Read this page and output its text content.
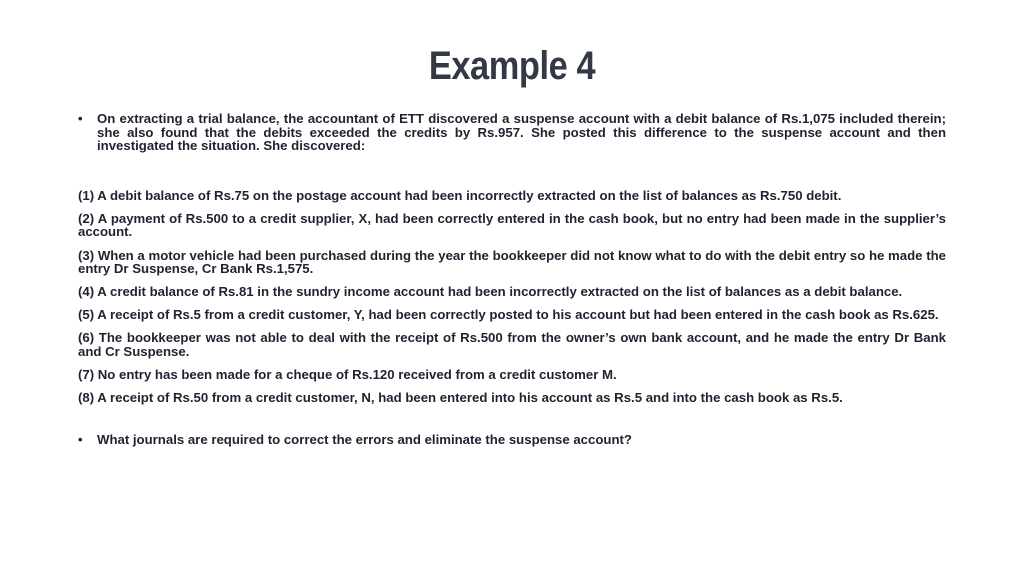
Example 4
•	On extracting a trial balance, the accountant of ETT discovered a suspense account with a debit balance of Rs.1,075 included therein; she also found that the debits exceeded the credits by Rs.957. She posted this difference to the suspense account and then investigated the situation. She discovered:
(1) A debit balance of Rs.75 on the postage account had been incorrectly extracted on the list of balances as Rs.750 debit.
(2) A payment of Rs.500 to a credit supplier, X, had been correctly entered in the cash book, but no entry had been made in the supplier’s account.
(3) When a motor vehicle had been purchased during the year the bookkeeper did not know what to do with the debit entry so he made the entry Dr Suspense, Cr Bank Rs.1,575.
(4) A credit balance of Rs.81 in the sundry income account had been incorrectly extracted on the list of balances as a debit balance.
(5) A receipt of Rs.5 from a credit customer, Y, had been correctly posted to his account but had been entered in the cash book as Rs.625.
(6) The bookkeeper was not able to deal with the receipt of Rs.500 from the owner’s own bank account, and he made the entry Dr Bank and Cr Suspense.
(7) No entry has been made for a cheque of Rs.120 received from a credit customer M.
(8) A receipt of Rs.50 from a credit customer, N, had been entered into his account as Rs.5 and into the cash book as Rs.5.
•	What journals are required to correct the errors and eliminate the suspense account?
